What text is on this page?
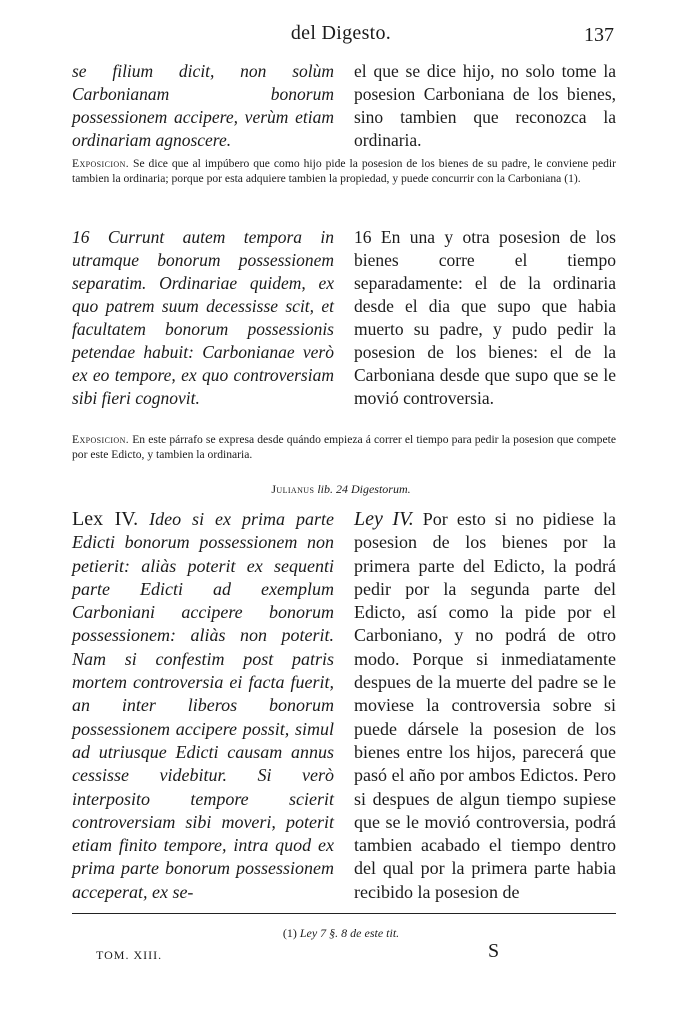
del Digesto.	137

se filium dicit, non solùm Carbonianam bonorum possessionem accipere, verùm etiam ordinariam agnoscere.

el que se dice hijo, no solo tome la posesion Carboniana de los bienes, sino tambien que reconozca la ordinaria.

Exposicion. Se dice que al impúbero que como hijo pide la posesion de los bienes de su padre, le conviene pedir tambien la ordinaria; porque por esta adquiere tambien la propiedad, y puede concurrir con la Carboniana (1).

16 Currunt autem tempora in utramque bonorum possessionem separatim. Ordinariae quidem, ex quo patrem suum decessisse scit, et facultatem bonorum possessionis petendae habuit: Carbonianae verò ex eo tempore, ex quo controversiam sibi fieri cognovit.

16 En una y otra posesion de los bienes corre el tiempo separadamente: el de la ordinaria desde el dia que supo que habia muerto su padre, y pudo pedir la posesion de los bienes: el de la Carboniana desde que supo que se le movió controversia.

Exposicion. En este párrafo se expresa desde quándo empieza á correr el tiempo para pedir la posesion que compete por este Edicto, y tambien la ordinaria.
Julianus lib. 24 Digestorum.

Lex IV. Ideo si ex prima parte Edicti bonorum possessionem non petierit: aliàs poterit ex sequenti parte Edicti ad exemplum Carboniani accipere bonorum possessionem: aliàs non poterit. Nam si confestim post patris mortem controversia ei facta fuerit, an inter liberos bonorum possessionem accipere possit, simul ad utriusque Edicti causam annus cessisse videbitur. Si verò interposito tempore scierit controversiam sibi moveri, poterit etiam finito tempore, intra quod ex prima parte bonorum possessionem acceperat, ex se-

Ley IV. Por esto si no pidiese la posesion de los bienes por la primera parte del Edicto, la podrá pedir por la segunda parte del Edicto, así como la pide por el Carboniano, y no podrá de otro modo. Porque si inmediatamente despues de la muerte del padre se le moviese la controversia sobre si puede dársele la posesion de los bienes entre los hijos, parecerá que pasó el año por ambos Edictos. Pero si despues de algun tiempo supiese que se le movió controversia, podrá tambien acabado el tiempo dentro del qual por la primera parte habia recibido la posesion de

(1) Ley 7 §. 8 de este tit.
TOM. XIII.	S
